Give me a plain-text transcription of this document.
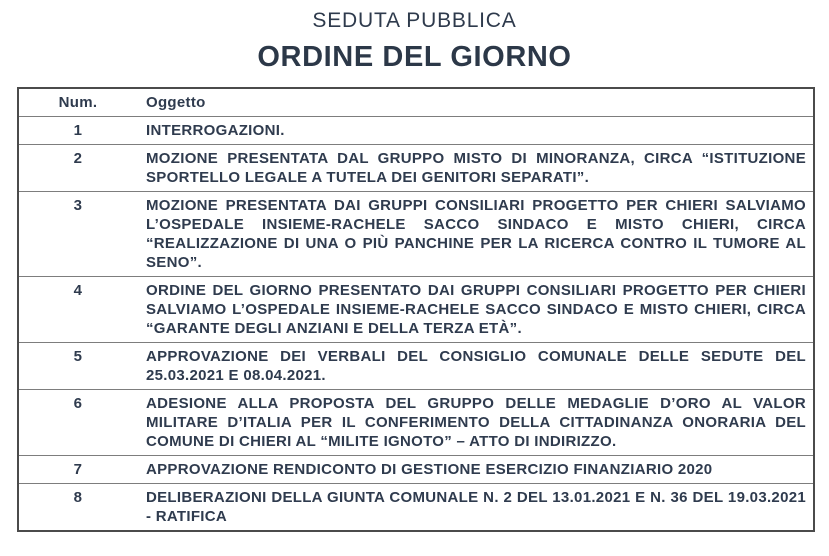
SEDUTA PUBBLICA
ORDINE DEL GIORNO
Num.	Oggetto
1	INTERROGAZIONI.
2	MOZIONE PRESENTATA DAL GRUPPO MISTO DI MINORANZA, CIRCA “ISTITUZIONE SPORTELLO LEGALE A TUTELA DEI GENITORI SEPARATI”.
3	MOZIONE PRESENTATA DAI GRUPPI CONSILIARI PROGETTO PER CHIERI SALVIAMO L’OSPEDALE INSIEME-RACHELE SACCO SINDACO E MISTO CHIERI, CIRCA “REALIZZAZIONE DI UNA O PIÙ PANCHINE PER LA RICERCA CONTRO IL TUMORE AL SENO”.
4	ORDINE DEL GIORNO PRESENTATO DAI GRUPPI CONSILIARI PROGETTO PER CHIERI SALVIAMO L’OSPEDALE INSIEME-RACHELE SACCO SINDACO E MISTO CHIERI, CIRCA “GARANTE DEGLI ANZIANI E DELLA TERZA ETÀ”.
5	APPROVAZIONE DEI VERBALI DEL CONSIGLIO COMUNALE DELLE SEDUTE DEL 25.03.2021 E 08.04.2021.
6	ADESIONE ALLA PROPOSTA DEL GRUPPO DELLE MEDAGLIE D’ORO AL VALOR MILITARE D’ITALIA PER IL CONFERIMENTO DELLA CITTADINANZA ONORARIA DEL COMUNE DI CHIERI AL “MILITE IGNOTO” – ATTO DI INDIRIZZO.
7	APPROVAZIONE RENDICONTO DI GESTIONE ESERCIZIO FINANZIARIO 2020
8	DELIBERAZIONI DELLA GIUNTA COMUNALE N. 2 DEL 13.01.2021 E N. 36 DEL 19.03.2021 - RATIFICA
